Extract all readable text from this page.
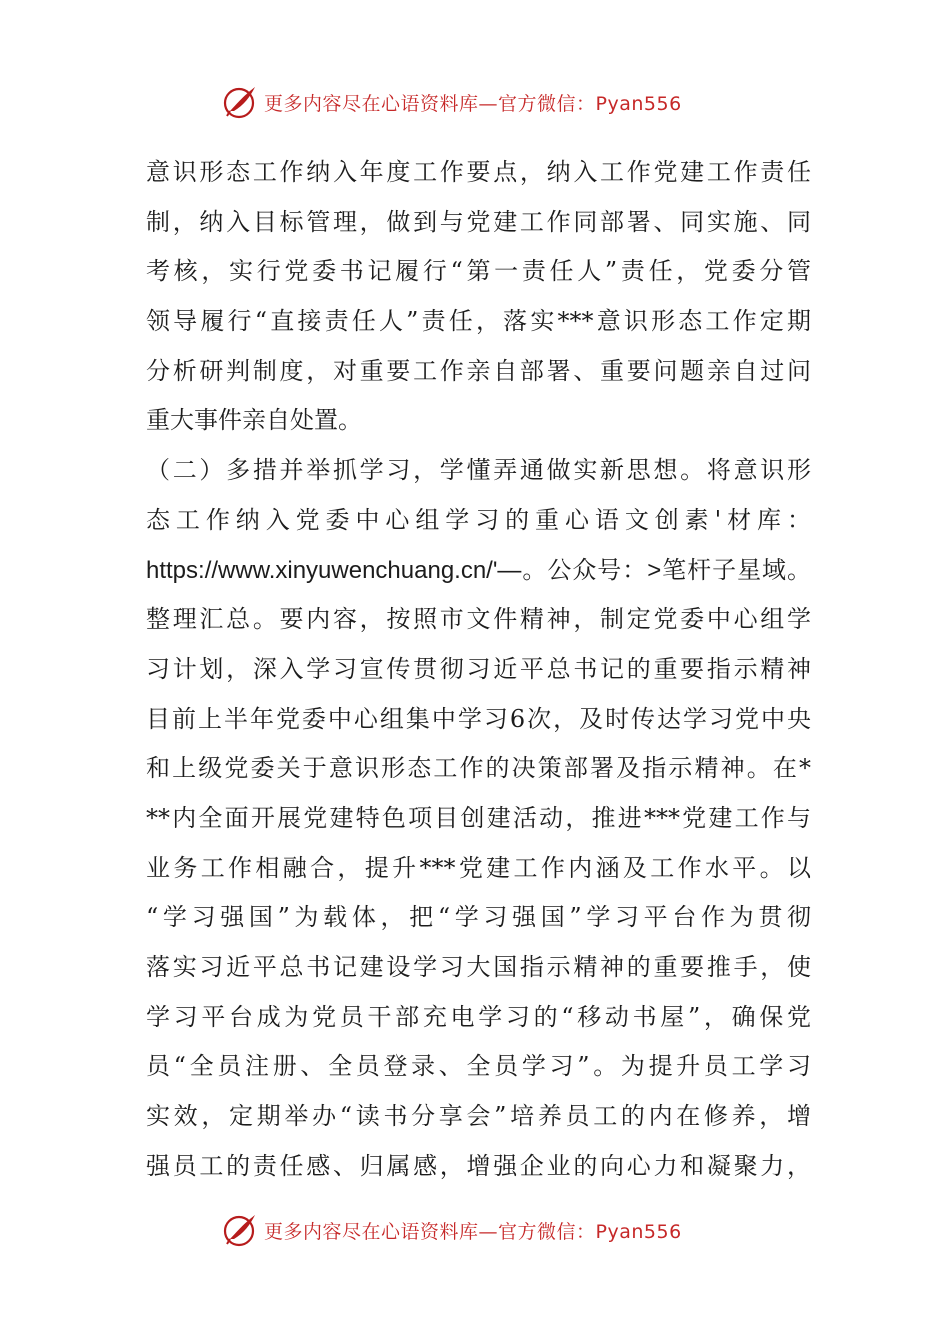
更多内容尽在心语资料库—官方微信：Pyan556
意识形态工作纳入年度工作要点，纳入工作党建工作责任
制，纳入目标管理，做到与党建工作同部署、同实施、同
考核，实行党委书记履行“第一责任人”责任，党委分管
领导履行“直接责任人”责任，落实***意识形态工作定期
分析研判制度，对重要工作亲自部署、重要问题亲自过问
重大事件亲自处置。
（二）多措并举抓学习，学懂弄通做实新思想。将意识形
态工作纳入党委中心组学习的重心语文创素'材库：
https://www.xinyuwenchuang.cn/'—。公众号：>笔杆子星域。
整理汇总。要内容，按照市文件精神，制定党委中心组学
习计划，深入学习宣传贯彻习近平总书记的重要指示精神
目前上半年党委中心组集中学习6次，及时传达学习党中央
和上级党委关于意识形态工作的决策部署及指示精神。在*
**内全面开展党建特色项目创建活动，推进***党建工作与
业务工作相融合，提升***党建工作内涵及工作水平。以
“学习强国”为载体，把“学习强国”学习平台作为贯彻
落实习近平总书记建设学习大国指示精神的重要推手，使
学习平台成为党员干部充电学习的“移动书屋”，确保党
员“全员注册、全员登录、全员学习”。为提升员工学习
实效，定期举办“读书分享会”培养员工的内在修养，增
强员工的责任感、归属感，增强企业的向心力和凝聚力，
更多内容尽在心语资料库—官方微信：Pyan556
